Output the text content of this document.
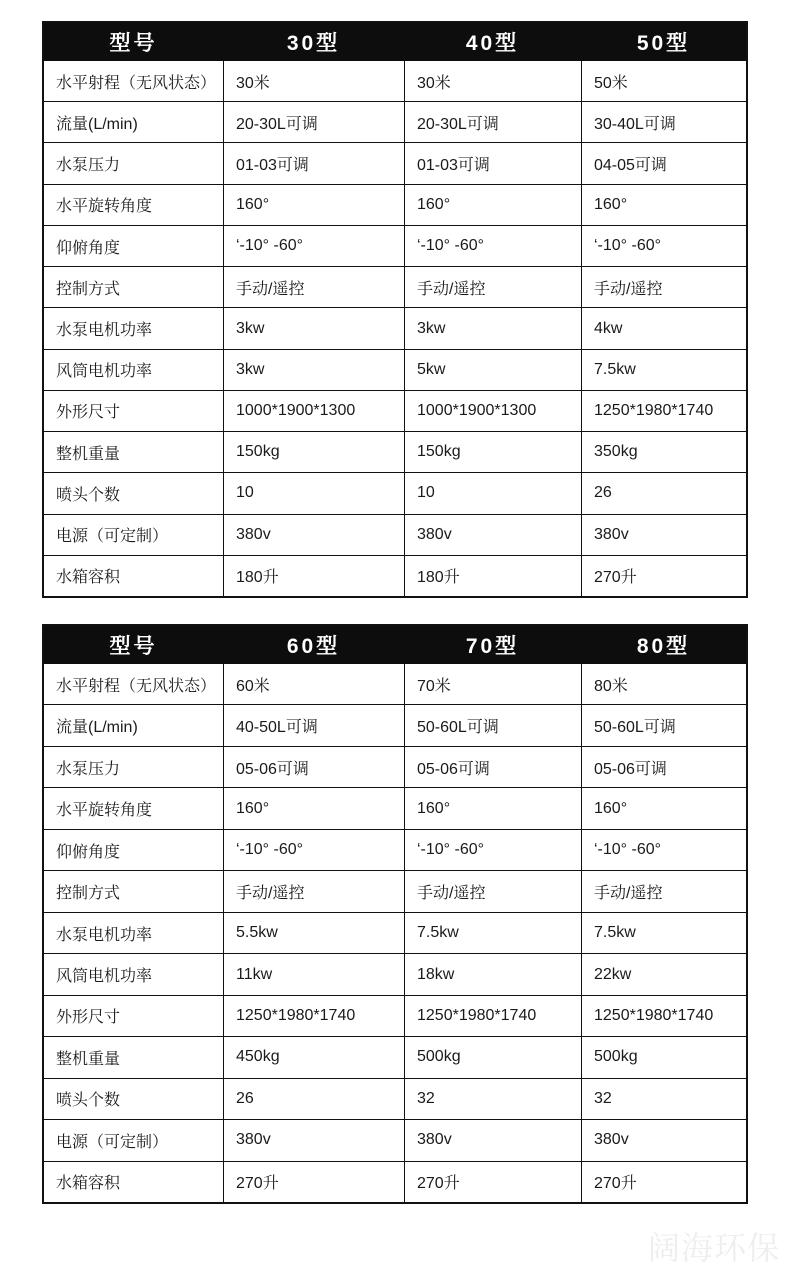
型号	30型	40型	50型
水平射程（无风状态）	30米	30米	50米
流量(L/min)	20-30L可调	20-30L可调	30-40L可调
水泵压力	01-03可调	01-03可调	04-05可调
水平旋转角度	160°	160°	160°
仰俯角度	‘-10° -60°	‘-10° -60°	‘-10° -60°
控制方式	手动/遥控	手动/遥控	手动/遥控
水泵电机功率	3kw	3kw	4kw
风筒电机功率	3kw	5kw	7.5kw
外形尺寸	1000*1900*1300	1000*1900*1300	1250*1980*1740
整机重量	150kg	150kg	350kg
喷头个数	10	10	26
电源（可定制）	380v	380v	380v
水箱容积	180升	180升	270升
型号	60型	70型	80型
水平射程（无风状态）	60米	70米	80米
流量(L/min)	40-50L可调	50-60L可调	50-60L可调
水泵压力	05-06可调	05-06可调	05-06可调
水平旋转角度	160°	160°	160°
仰俯角度	‘-10° -60°	‘-10° -60°	‘-10° -60°
控制方式	手动/遥控	手动/遥控	手动/遥控
水泵电机功率	5.5kw	7.5kw	7.5kw
风筒电机功率	11kw	18kw	22kw
外形尺寸	1250*1980*1740	1250*1980*1740	1250*1980*1740
整机重量	450kg	500kg	500kg
喷头个数	26	32	32
电源（可定制）	380v	380v	380v
水箱容积	270升	270升	270升
阔海环保
